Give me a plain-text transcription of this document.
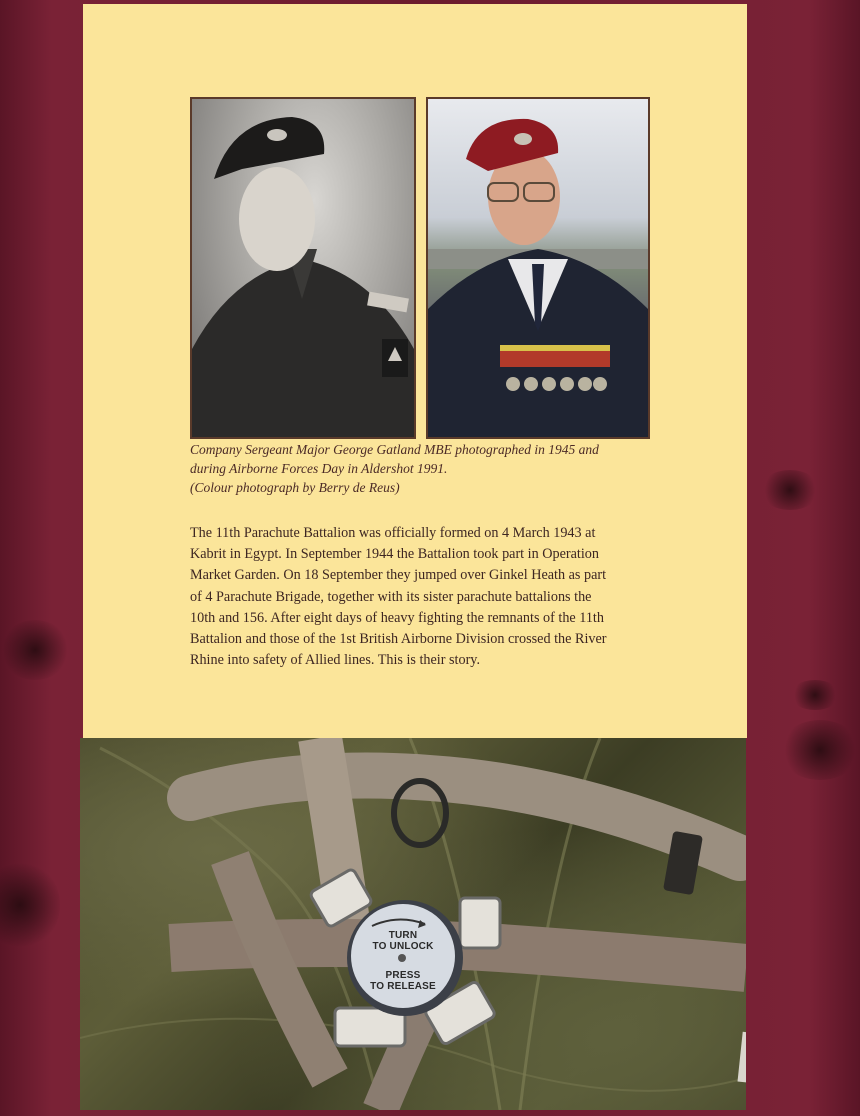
Company Sergeant Major George Gatland MBE photographed in 1945 and
during Airborne Forces Day in Aldershot 1991.
(Colour photograph by Berry de Reus)
The 11th Parachute Battalion was officially formed on 4 March 1943 at
Kabrit in Egypt. In September 1944 the Battalion took part in Operation
Market Garden. On 18 September they jumped over Ginkel Heath as part
of 4 Parachute Brigade, together with its sister parachute battalions the
10th and 156. After eight days of heavy fighting the remnants of the 11th
Battalion and those of the 1st British Airborne Division crossed the River
Rhine into safety of Allied lines. This is their story.
TURN
TO UNLOCK
PRESS
TO RELEASE
